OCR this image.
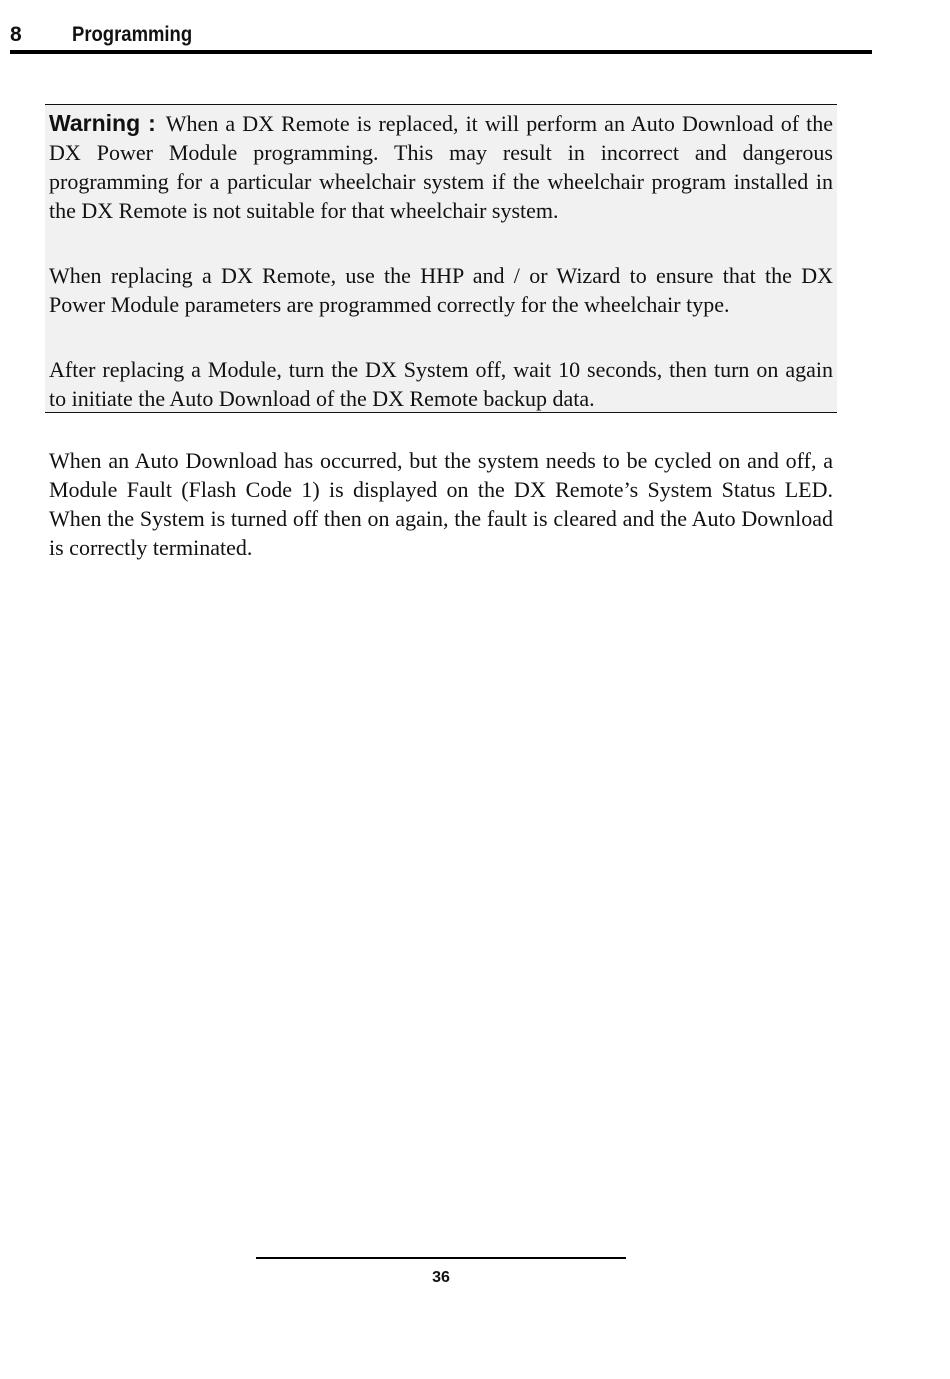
8 Programming

Warning : When a DX Remote is replaced, it will perform an Auto Download of the DX Power Module programming. This may result in incorrect and dangerous programming for a particular wheelchair system if the wheelchair program installed in the DX Remote is not suitable for that wheelchair system.

When replacing a DX Remote, use the HHP and / or Wizard to ensure that the DX Power Module parameters are programmed correctly for the wheelchair type.

After replacing a Module, turn the DX System off, wait 10 seconds, then turn on again to initiate the Auto Download of the DX Remote backup data.

When an Auto Download has occurred, but the system needs to be cycled on and off, a Module Fault (Flash Code 1) is displayed on the DX Remote’s System Status LED. When the System is turned off then on again, the fault is cleared and the Auto Download is correctly terminated.

36
